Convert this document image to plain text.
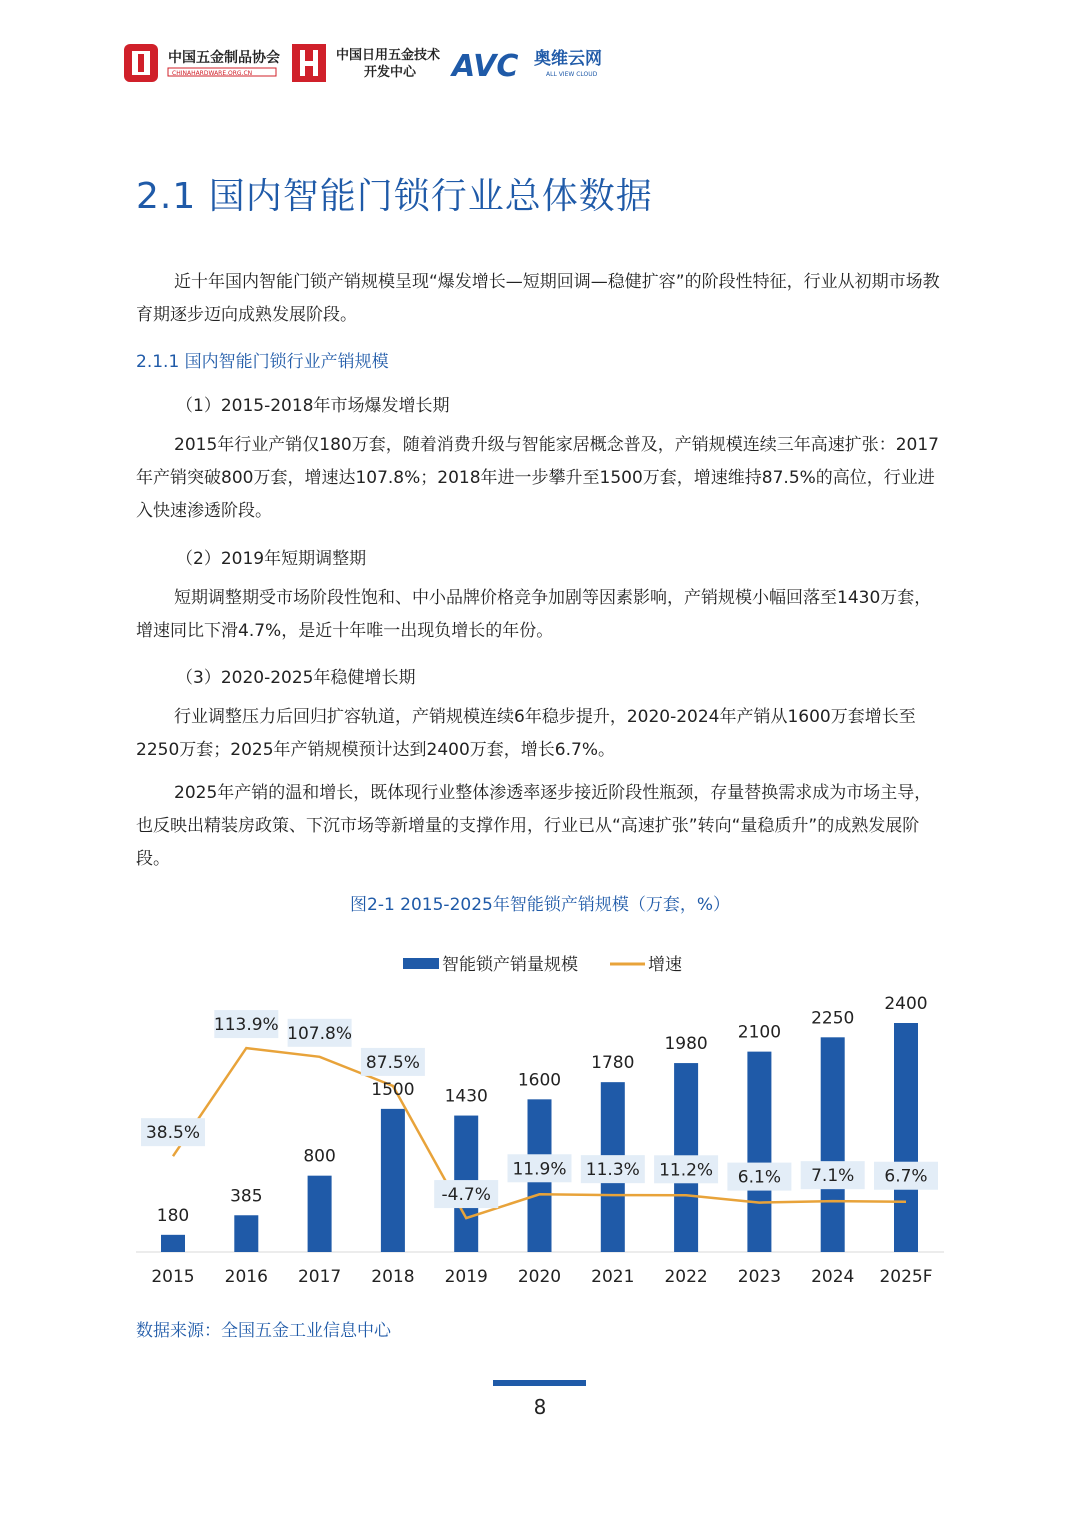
中国五金制品协会
CHINAHARDWARE.ORG.CN
中国日用五金技术
开发中心 AVC 奥维云网
ALL VIEW CLOUD
2.1 国内智能门锁行业总体数据
近十年国内智能门锁产销规模呈现“爆发增长—短期回调—稳健扩容”的阶段性特征，行业从初期市场教育期逐步迈向成熟发展阶段。
2.1.1 国内智能门锁行业产销规模
（1）2015-2018年市场爆发增长期
2015年行业产销仅180万套，随着消费升级与智能家居概念普及，产销规模连续三年高速扩张：2017年产销突破800万套，增速达107.8%；2018年进一步攀升至1500万套，增速维持87.5%的高位，行业进入快速渗透阶段。
（2）2019年短期调整期
短期调整期受市场阶段性饱和、中小品牌价格竞争加剧等因素影响，产销规模小幅回落至1430万套，增速同比下滑4.7%，是近十年唯一出现负增长的年份。
（3）2020-2025年稳健增长期
行业调整压力后回归扩容轨道，产销规模连续6年稳步提升，2020-2024年产销从1600万套增长至2250万套；2025年产销规模预计达到2400万套，增长6.7%。
2025年产销的温和增长，既体现行业整体渗透率逐步接近阶段性瓶颈，存量替换需求成为市场主导，也反映出精装房政策、下沉市场等新增量的支撑作用，行业已从“高速扩张”转向“量稳质升”的成熟发展阶段。
图2-1 2015-2025年智能锁产销规模（万套，%）
智能锁产销量规模	增速
180
2015
385
2016
800
2017
1500
2018
1430
2019
1600
2020
1780
2021
1980
2022
2100
2023
2250
2024
2400
2025F
38.5%
113.9% 107.8%
87.5%
-4.7%
11.9% 11.3% 11.2% 6.1% 7.1% 6.7%
数据来源：全国五金工业信息中心
8
